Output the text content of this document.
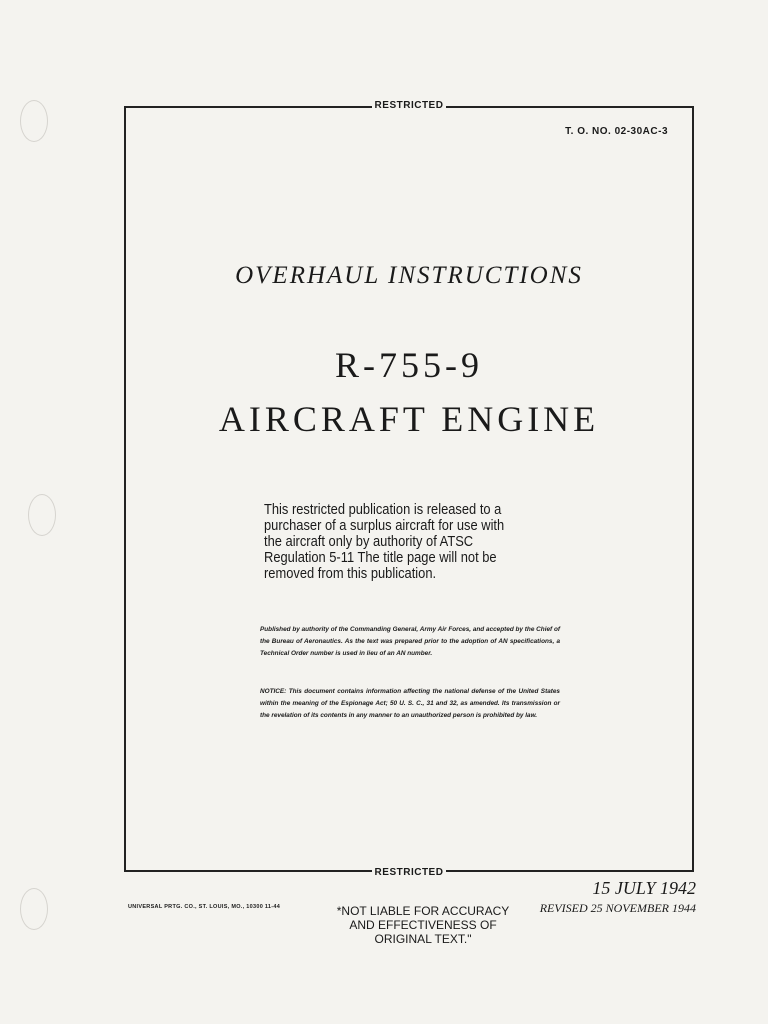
RESTRICTED
T. O. NO. 02-30AC-3
OVERHAUL INSTRUCTIONS
R-755-9
AIRCRAFT ENGINE
This restricted publication is released to a purchaser of a surplus aircraft for use with the aircraft only by authority of ATSC Regulation 5-11 The title page will not be removed from this publication.
Published by authority of the Commanding General, Army Air Forces, and accepted by the Chief of the Bureau of Aeronautics. As the text was prepared prior to the adoption of AN specifications, a Technical Order number is used in lieu of an AN number.
NOTICE: This document contains information affecting the national defense of the United States within the meaning of the Espionage Act; 50 U. S. C., 31 and 32, as amended. Its transmission or the revelation of its contents in any manner to an unauthorized person is prohibited by law.
RESTRICTED
UNIVERSAL PRTG. CO., ST. LOUIS, MO., 10300 11-44	*NOT LIABLE FOR ACCURACY
AND EFFECTIVENESS OF
ORIGINAL TEXT."
15 JULY 1942
REVISED 25 NOVEMBER 1944
